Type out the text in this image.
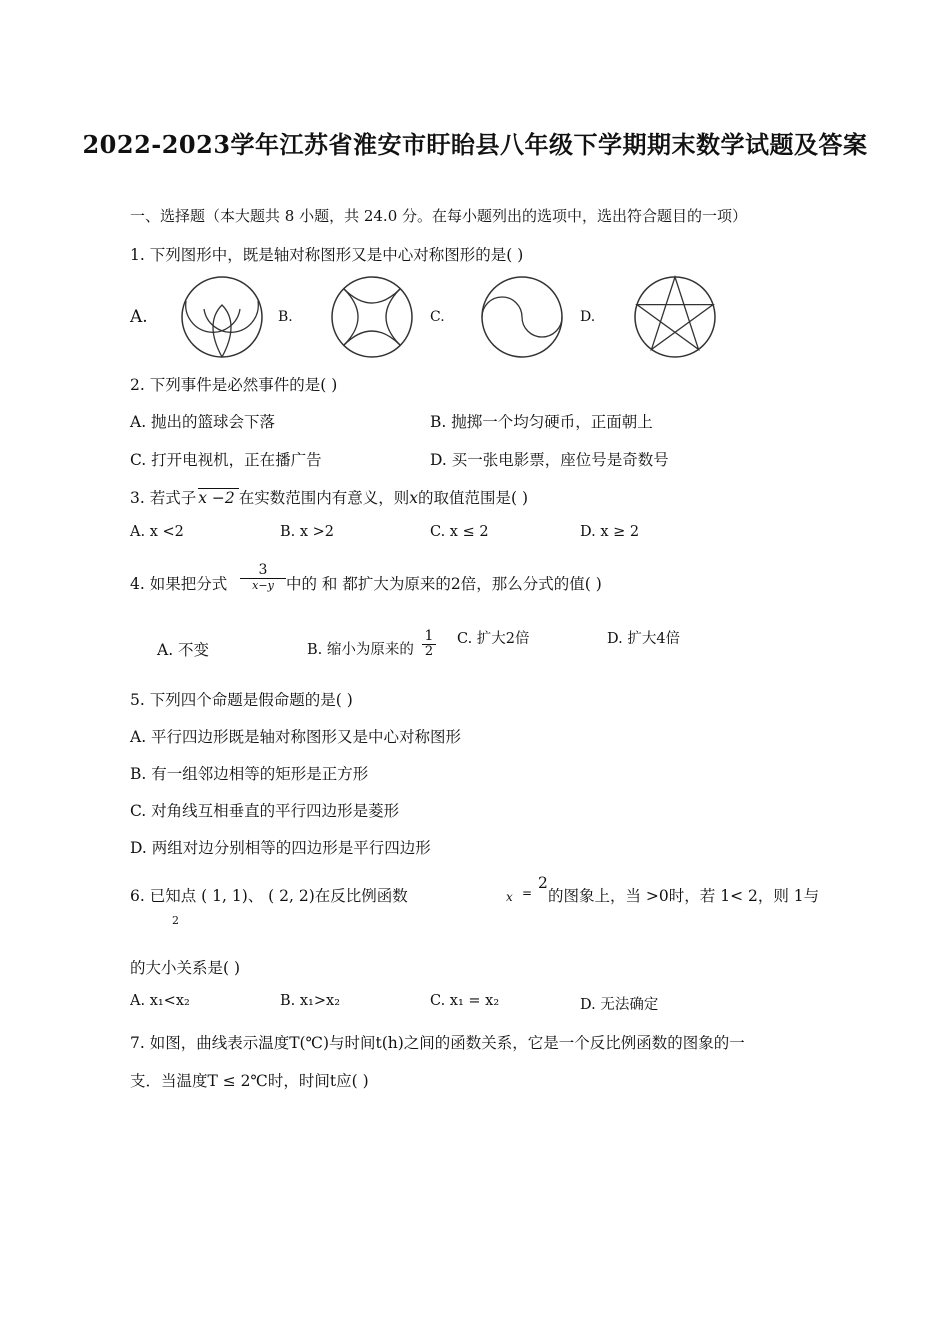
2022-2023学年江苏省淮安市盱眙县八年级下学期期末数学试题及答案
一、选择题（本大题共 8 小题，共 24.0 分。在每小题列出的选项中，选出符合题目的一项）
1. 下列图形中，既是轴对称图形又是中心对称图形的是( )
A.	B.	C.	D.
2. 下列事件是必然事件的是( )
A. 抛出的篮球会下落	B. 抛掷一个均匀硬币，正面朝上
C. 打开电视机，正在播广告	D. 买一张电影票，座位号是奇数号
3. 若式子 x −2 在实数范围内有意义，则x的取值范围是( )
A. x <2	B. x >2	C. x ≤ 2	D. x ≥ 2
4. 如果把分式
3
x−y 中的 和 都扩大为原来的2倍，那么分式的值( )
A. 不变	B. 缩小为原来的 $\frac{1}{2} C$. 扩大2倍	D. 扩大4倍
5. 下列四个命题是假命题的是( )
A. 平行四边形既是轴对称图形又是中心对称图形
B. 有一组邻边相等的矩形是正方形
C. 对角线互相垂直的平行四边形是菱形
D. 两组对边分别相等的四边形是平行四边形
6. 已知点 ( 1, 1)、 ( 2, 2)在反比例函数	x =
2
的图象上，当 >0时，若 1< 2，则 1与
2
的大小关系是( )
A. x₁<x₂	B. x₁>x₂	C. x₁ = x₂	D. 无法确定
7. 如图，曲线表示温度T(℃)与时间t(h)之间的函数关系，它是一个反比例函数的图象的一
支．当温度T ≤ 2℃时，时间t应( )
